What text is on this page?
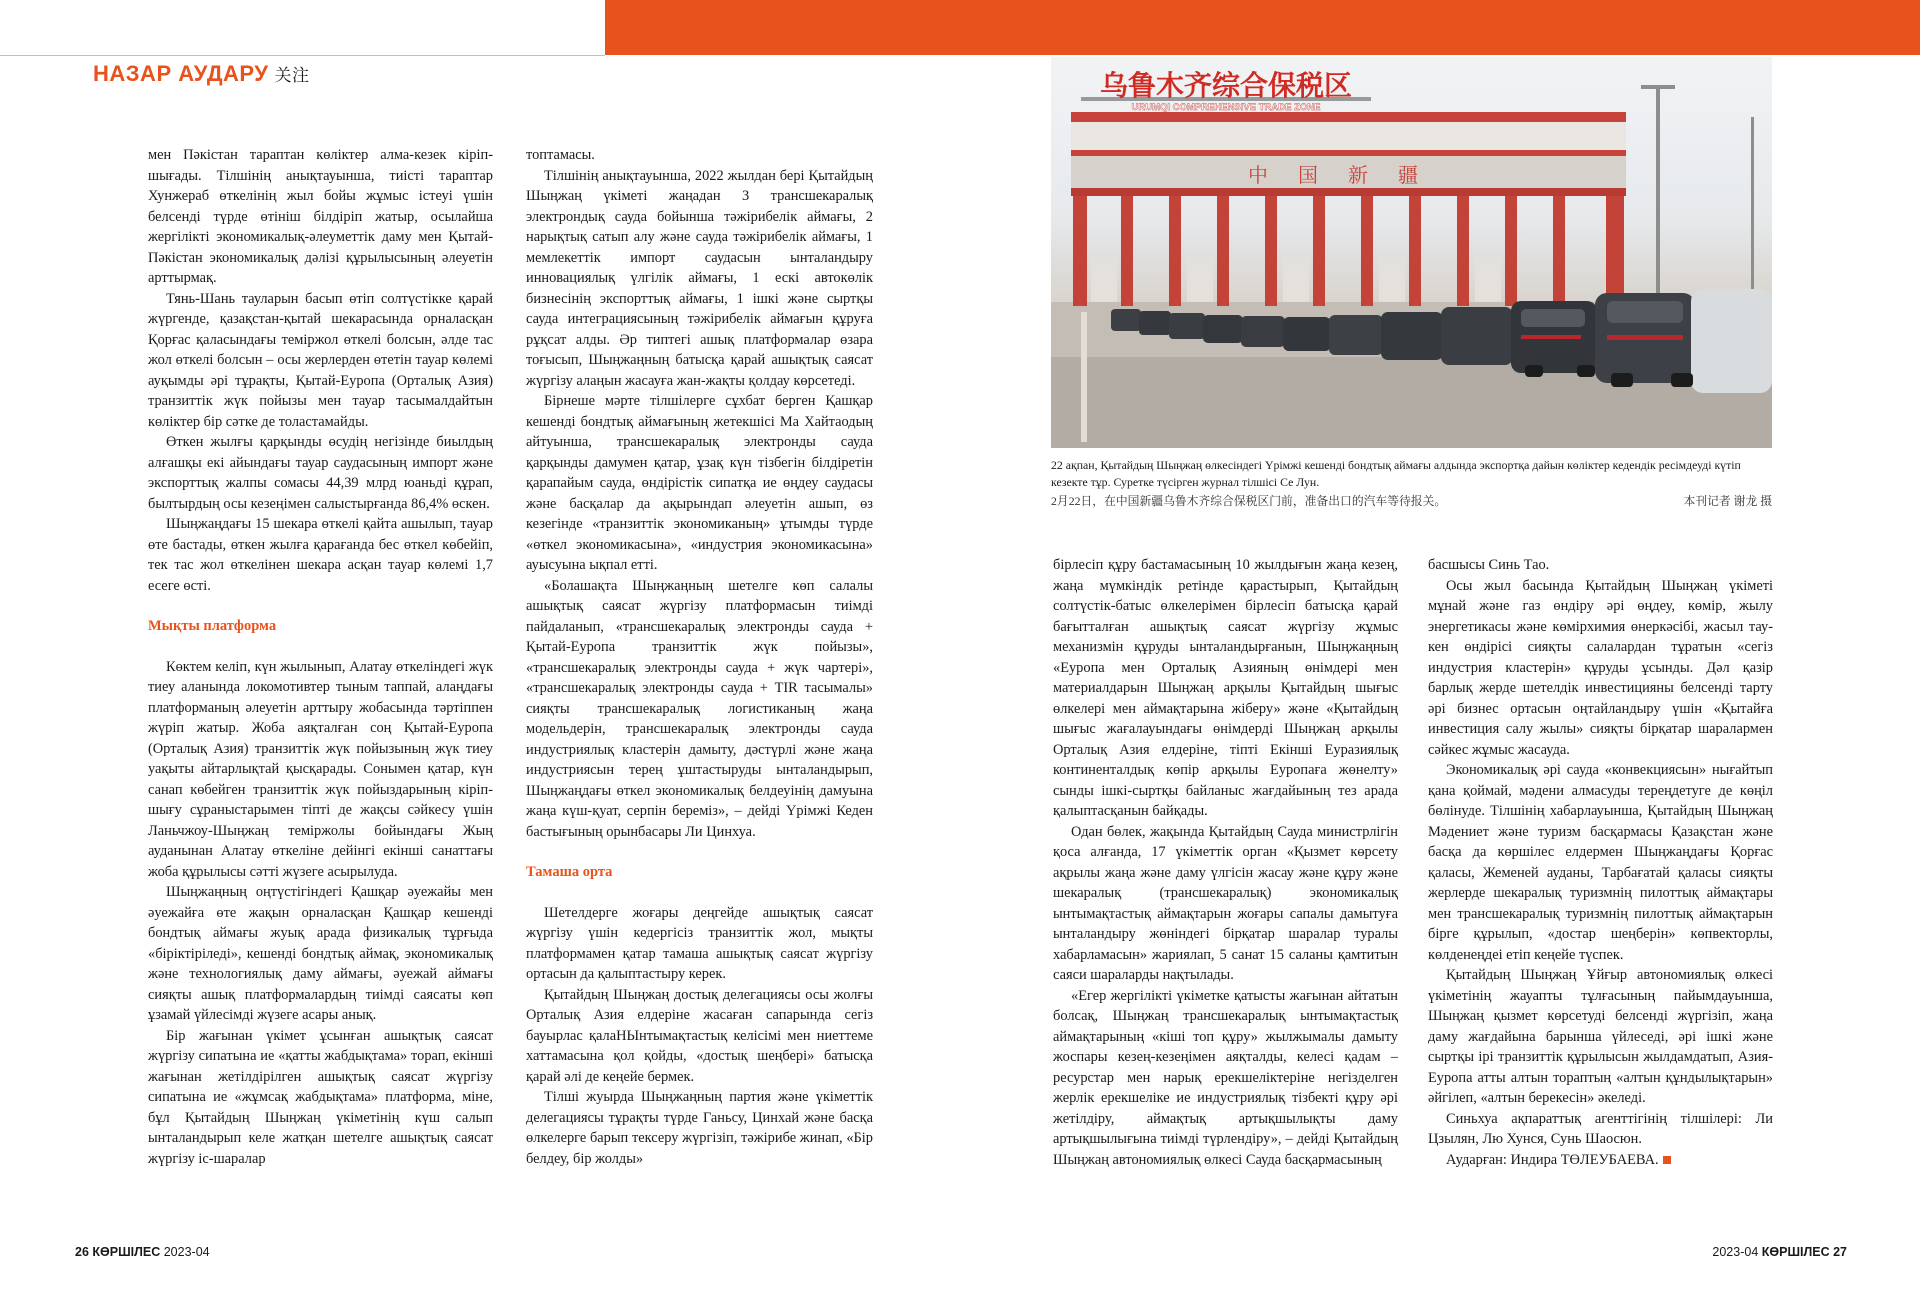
НАЗАР АУДАРУ 关注

мен Пәкістан тараптан көліктер алма-кезек кіріп-шығады. Тілшінің анықтауынша, тиісті тараптар Хунжераб өткелінің жыл бойы жұмыс істеуі үшін белсенді түрде өтініш білдіріп жатыр, осылайша жергілікті экономикалық-әлеуметтік даму мен Қытай-Пәкістан экономикалық дәлізі құрылысының әлеуетін арттырмақ.

Тянь-Шань тауларын басып өтіп солтүстікке қарай жүргенде, қазақстан-қытай шекарасында орналасқан Қорғас қаласындағы теміржол өткелі болсын, әлде тас жол өткелі болсын – осы жерлерден өтетін тауар көлемі ауқымды әрі тұрақты, Қытай-Еуропа (Орталық Азия) транзиттік жүк пойызы мен тауар тасымалдайтын көліктер бір сәтке де толастамайды.

Өткен жылғы қарқынды өсудің негізінде биылдың алғашқы екі айындағы тауар саудасының импорт және экспорттық жалпы сомасы 44,39 млрд юаньді құрап, былтырдың осы кезеңімен салыстырғанда 86,4% өскен.

Шыңжаңдағы 15 шекара өткелі қайта ашылып, тауар өте бастады, өткен жылға қарағанда бес өткел көбейіп, тек тас жол өткелінен шекара асқан тауар көлемі 1,7 есеге өсті.

Мықты платформа

Көктем келіп, күн жылынып, Алатау өткеліндегі жүк тиеу аланында локомотивтер тыным таппай, алаңдағы платформаның әлеуетін арттыру жобасында тәртіппен жүріп жатыр. Жоба аяқталған соң Қытай-Еуропа (Орталық Азия) транзиттік жүк пойызының жүк тиеу уақыты айтарлықтай қысқарады. Сонымен қатар, күн санап көбейген транзиттік жүк пойыздарының кіріп-шығу сұраныстарымен тіпті де жақсы сәйкесу үшін Ланьчжоу-Шыңжаң теміржолы бойындағы Жың ауданынан Алатау өткеліне дейінгі екінші санаттағы жоба құрылысы сәтті жүзеге асырылуда.

Шыңжаңның оңтүстігіндегі Қашқар әуежайы мен әуежайға өте жақын орналасқан Қашқар кешенді бондтық аймағы жуық арада физикалық тұрғыда «біріктіріледі», кешенді бондтық аймақ, экономикалық және технологиялық даму аймағы, әуежай аймағы сияқты ашық платформалардың тиімді саясаты көп ұзамай үйлесімді жүзеге асары анық.

Бір жағынан үкімет ұсынған ашықтық саясат жүргізу сипатына ие «қатты жабдықтама» торап, екінші жағынан жетілдірілген ашықтық саясат жүргізу сипатына ие «жұмсақ жабдықтама» платформа, міне, бұл Қытайдың Шыңжаң үкіметінің күш салып ынталандырып келе жатқан шетелге ашықтық саясат жүргізу іс-шаралар

топтамасы.

Тілшінің анықтауынша, 2022 жылдан бері Қытайдың Шыңжаң үкіметі жаңадан 3 трансшекаралық электрондық сауда бойынша тәжірибелік аймағы, 2 нарықтық сатып алу және сауда тәжірибелік аймағы, 1 мемлекеттік импорт саудасын ынталандыру инновациялық үлгілік аймағы, 1 ескі автокөлік бизнесінің экспорттық аймағы, 1 ішкі және сыртқы сауда интеграциясының тәжірибелік аймағын құруға рұқсат алды. Әр типтегі ашық платформалар өзара тоғысып, Шыңжаңның батысқа қарай ашықтық саясат жүргізу алаңын жасауға жан-жақты қолдау көрсетеді.

Бірнеше мәрте тілшілерге сұхбат берген Қашқар кешенді бондтық аймағының жетекшісі Ма Хайтаодың айтуынша, трансшекаралық электронды сауда қарқынды дамумен қатар, ұзақ күн тізбегін білдіретін қарапайым сауда, өндірістік сипатқа ие өңдеу саудасы және басқалар да ақырындап әлеуетін ашып, өз кезегінде «транзиттік экономиканың» ұтымды түрде «өткел экономикасына», «индустрия экономикасына» ауысуына ықпал етті.

«Болашақта Шыңжаңның шетелге көп салалы ашықтық саясат жүргізу платформасын тиімді пайдаланып, «трансшекаралық электронды сауда + Қытай-Еуропа транзиттік жүк пойызы», «трансшекаралық электронды сауда + жүк чартері», «трансшекаралық электронды сауда + TIR тасымалы» сияқты трансшекаралық логистиканың жаңа модельдерін, трансшекаралық электронды сауда индустриялық кластерін дамыту, дәстүрлі және жаңа индустриясын терең ұштастыруды ынталандырып, Шыңжаңдағы өткел экономикалық белдеуінің дамуына жаңа күш-қуат, серпін береміз», – дейді Үрімжі Кеден бастығының орынбасары Ли Цинхуа.

Тамаша орта

Шетелдерге жоғары деңгейде ашықтық саясат жүргізу үшін кедергісіз транзиттік жол, мықты платформамен қатар тамаша ашықтық саясат жүргізу ортасын да қалыптастыру керек.

Қытайдың Шыңжаң достық делегациясы осы жолғы Орталық Азия елдеріне жасаған сапарында сегіз бауырлас қалаНЫнтымақтастық келісімі мен ниеттеме хаттамасына қол қойды, «достық шеңбері» батысқа қарай әлі де кеңейе бермек.

Тілші жуырда Шыңжаңның партия және үкіметтік делегациясы тұрақты түрде Ганьсу, Цинхай және басқа өлкелерге барып тексеру жүргізіп, тәжірибе жинап, «Бір белдеу, бір жолды»

乌鲁木齐综合保税区
URUMQI COMPREHENSIVE TRADE ZONE
中国新疆
22 ақпан, Қытайдың Шыңжаң өлкесіндегі Үрімжі кешенді бондтық аймағы алдында экспортқа дайын көліктер кедендік ресімдеуді күтіп кезекте тұр. Суретке түсірген журнал тілшісі Се Лун.
2月22日，在中国新疆乌鲁木齐综合保税区门前，准备出口的汽车等待报关。	本刊记者 谢龙 摄

бірлесіп құру бастамасының 10 жылдығын жаңа кезең, жаңа мүмкіндік ретінде қарастырып, Қытайдың солтүстік-батыс өлкелерімен бірлесіп батысқа қарай бағытталған ашықтық саясат жүргізу жұмыс механизмін құруды ынталандырғанын, Шыңжаңның «Еуропа мен Орталық Азияның өнімдері мен материалдарын Шыңжаң арқылы Қытайдың шығыс өлкелері мен аймақтарына жіберу» және «Қытайдың шығыс жағалауындағы өнімдерді Шыңжаң арқылы Орталық Азия елдеріне, тіпті Екінші Еуразиялық континенталдық көпір арқылы Еуропаға жөнелту» сынды ішкі-сыртқы байланыс жағдайының тез арада қалыптасқанын байқады.

Одан бөлек, жақында Қытайдың Сауда министрлігін қоса алғанда, 17 үкіметтік орган «Қызмет көрсету ақрылы жаңа және даму үлгісін жасау және құру және шекаралық (трансшекаралық) экономикалық ынтымақтастық аймақтарын жоғары сапалы дамытуға ынталандыру жөніндегі бірқатар шаралар туралы хабарламасын» жариялап, 5 санат 15 саланы қамтитын саяси шараларды нақтылады.

«Егер жергілікті үкіметке қатысты жағынан айтатын болсақ, Шыңжаң трансшекаралық ынтымақтастық аймақтарының «кіші топ құру» жылжымалы дамыту жоспары кезең-кезеңімен аяқталды, келесі қадам – ресурстар мен нарық ерекшеліктеріне негізделген жерлік ерекшеліке ие индустриялық тізбекті құру әрі жетілдіру, аймақтық артықшылықты даму артықшылығына тиімді түрлендіру», – дейді Қытайдың Шыңжаң автономиялық өлкесі Сауда басқармасының

басшысы Синь Тао.

Осы жыл басында Қытайдың Шыңжаң үкіметі мұнай және газ өндіру әрі өңдеу, көмір, жылу энергетикасы және көмірхимия өнеркәсібі, жасыл тау-кен өндірісі сияқты салалардан тұратын «сегіз индустрия кластерін» құруды ұсынды. Дәл қазір барлық жерде шетелдік инвестицияны белсенді тарту әрі бизнес ортасын оңтайландыру үшін «Қытайға инвестиция салу жылы» сияқты бірқатар шаралармен сәйкес жұмыс жасауда.

Экономикалық әрі сауда «конвекциясын» нығайтып қана қоймай, мәдени алмасуды тереңдетуге де көңіл бөлінуде. Тілшінің хабарлауынша, Қытайдың Шыңжаң Мәдениет және туризм басқармасы Қазақстан және басқа да көршілес елдермен Шыңжаңдағы Қорғас қаласы, Жеменей ауданы, Тарбағатай қаласы сияқты жерлерде шекаралық туризмнің пилоттық аймақтары мен трансшекаралық туризмнің пилоттық аймақтарын бірге құрылып, «достар шеңберін» көпвекторлы, көлденеңдеі етіп кеңейе түспек.

Қытайдың Шыңжаң Ұйғыр автономиялық өлкесі үкіметінің жауапты тұлғасының пайымдауынша, Шыңжаң қызмет көрсетуді белсенді жүргізіп, жаңа даму жағдайына барынша үйлеседі, әрі ішкі және сыртқы ірі транзиттік құрылысын жылдамдатып, Азия-Еуропа атты алтын тораптың «алтын құндылықтарын» әйгілеп, «алтын берекесін» әкеледі.

Синьхуа ақпараттық агенттігінің тілшілері: Ли Цзылян, Лю Хунся, Сунь Шаосюн.

Аударған: Индира ТӨЛЕУБАЕВА.

26 КӨРШІЛЕС 2023-04	2023-04 КӨРШІЛЕС 27
